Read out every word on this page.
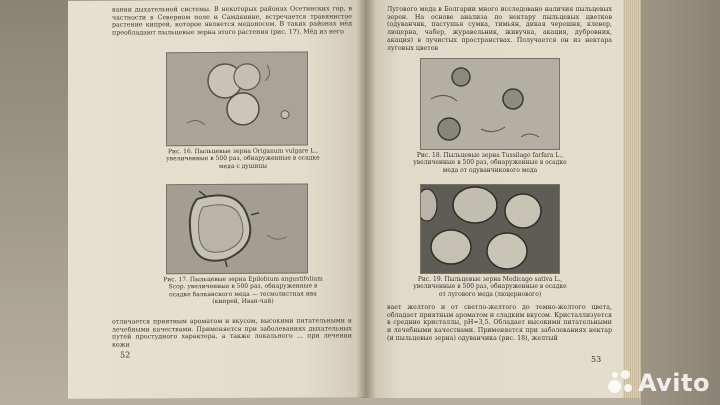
вании дыхательной системы. В некоторых районах Осетинских гор, в частности в Северном поле и Самдянине, встречается травянистое растение кипрей, которое является медоносом. В таких районах мёд преобладают пыльцевые зерна этого растения (рис. 17). Мёд из него

Рис. 16. Пыльцевые зерна Origanum vulgare L., увеличенные в 500 раз, обнаруженные в осадке меда с душицы

Рис. 17. Пыльцевые зерна Epilobium angustifolium Scop. увеличенные в 500 раз, обнаруженные в осадке балканского меда — тесмолистная ива (кипрей, Иван-чай)

отличается приятным ароматом и вкусом, высокими питательными и лечебными качествами. Применяется при заболеваниях дыхательных путей простудного характера, а также локального ... при лечении кожи

52

Лугового меда в Болгарии много исследовано наличия пыльцевых зерен. На основе анализа по нектару пыльцевых цветков (одуванчик, пастушья сумка, тимьян, дикая черешня, клевер, люцерна, чабер, журавельник, живучка, акация, дубровник, акация) в лучистых пространствах. Получается он из нектара луговых цветов

Рис. 18. Пыльцевые зерна Tussilago farfara L., увеличенные в 500 раз, обнаруженные в осадке меда от одуванчикового меда

Рис. 19. Пыльцевые зерна Medicago sativa L., увеличенные в 500 раз, обнаруженные в осадке от лугового меда (люцернового)

вает желтого и от светло-желтого до темно-желтого цвета, обладает приятным ароматом и сладким вкусом. Кристаллизуется в средние кристаллы, pH=3,5. Обладает высокими питательными и лечебными качествами. Применяется при заболеваниях нектар (и пыльцевые зерна) одуванчика (рис. 18), желтый

53
Avito
